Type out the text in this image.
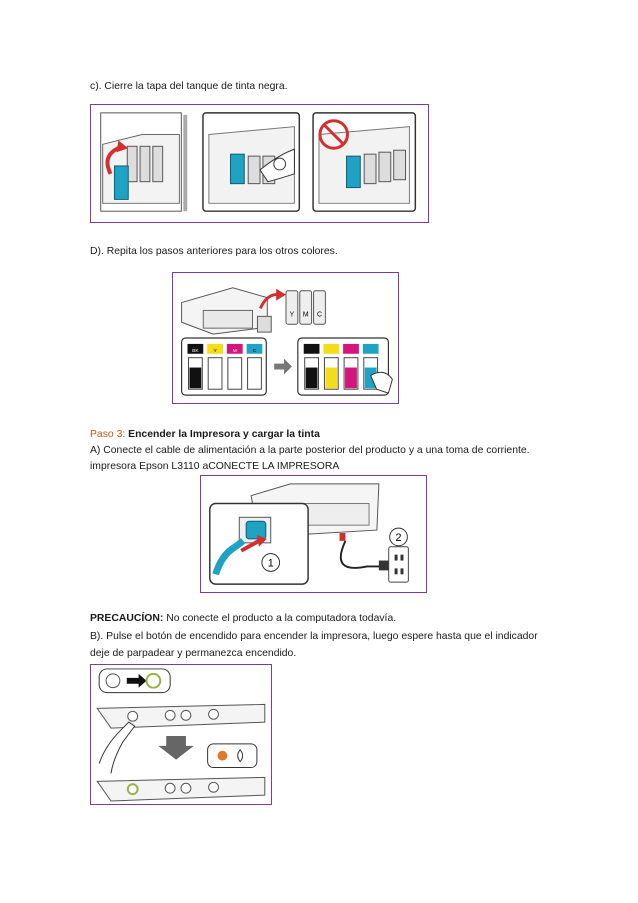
c). Cierre la tapa del tanque de tinta negra.
D). Repita los pasos anteriores para los otros colores.
Y M C
BK	Y	M	C
Paso 3: Encender la Impresora y cargar la tinta
A) Conecte el cable de alimentación a la parte posterior del producto y a una toma de corriente.
impresora Epson L3110 aCONECTE LA IMPRESORA
1
2
PRECAUCÍON: No conecte el producto a la computadora todavía.
B). Pulse el botón de encendido para encender la impresora, luego espere hasta que el indicador
deje de parpadear y permanezca encendido.
